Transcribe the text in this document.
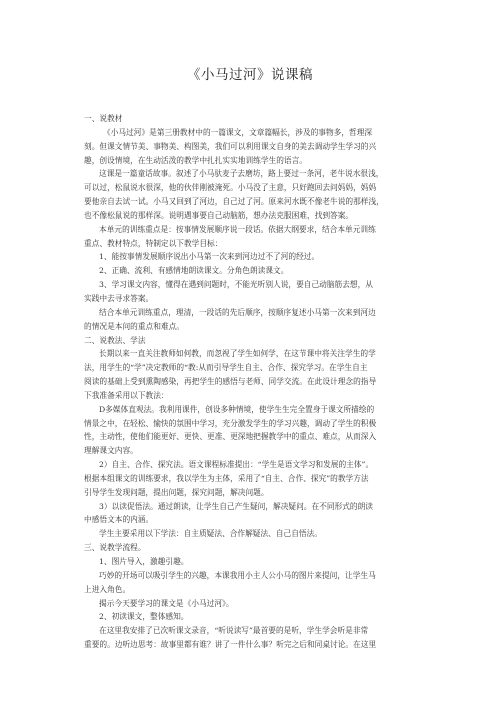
《小马过河》说课稿
一、说教材
《小马过河》是第三册教材中的一篇课文，文章篇幅长，涉及的事物多，哲理深
刻。但课文情节美、事物美、构图美，我们可以利用课文自身的美去调动学生学习的兴
趣，创设情境，在生动活泼的教学中扎扎实实地训练学生的语言。
这课是一篇童话故事。叙述了小马驮麦子去磨坊，路上要过一条河，老牛说水很浅，
可以过，松鼠说水很深，他的伙伴刚被淹死。小马没了主意，只好跑回去问妈妈，妈妈
要他亲自去试一试。小马又回到了河边，自己过了河。原来河水既不像老牛说的那样浅，
也不像松鼠说的那样深。说明遇事要自己动脑筋，想办法克服困难，找到答案。
本单元的训练重点是：按事情发展顺序说一段话。依据大纲要求，结合本单元训练
重点、教材特点，特制定以下教学目标：
1、能按事情发展顺序说出小马第一次来到河边过不了河的经过。
2、正确、流利、有感情地朗读课文。分角色朗读课文。
3、学习课文内容，懂得在遇到问题时，不能光听别人说，要自己动脑筋去想，从
实践中去寻求答案。
结合本单元训练重点，理清，一段话的先后顺序，按顺序复述小马第一次来到河边
的情况是本问的重点和难点。
二、说教法、学法
长期以来一直关注教师如何教，而忽视了学生如何学，在这节课中将关注学生的学
法，用学生的“学”决定教师的“教:从而引导学生自主、合作、探究学习。在学生自主
阅读的基础上受到熏陶感染，再把学生的感悟与老师、同学交流。在此设计理念的指导
下我准备采用以下教法：
D多媒体直观法。我利用课件，创设多种情境，使学生生完全置身于课文所描绘的
情景之中，在轻松、愉快的氛围中学习，充分激发学生的学习兴趣，调动了学生的积极
性，主动性，使他们能更好、更快、更准、更深地把握教学中的重点、难点，从而深入
理解课文内容。
2）自主、合作、探究法。语文课程标准提出：“学生是语文学习和发展的主体”。
根据本组课文的训练要求，我以学生为主体，采用了“自主、合作、探究”的教学方法
引导学生发现问题，提出问题，探究问题，解决问题。
3）以读促悟法。通过朗读，让学生自己产生疑问，解决疑问。在不同形式的朗读
中感悟文本的内涵。
学生主要采用以下学法：自主质疑法、合作解疑法、自己自悟法。
三、说教学流程。
1、图片导入，激趣引趣。
巧妙的开场可以吸引学生的兴趣，本课我用小主人公小马的图片来提问，让学生马
上进入角色。
揭示今天要学习的课文是《小马过河》。
2、初读课文，整体感知。
在这里我安排了已次听课文录音，“听说读写”最首要的是听，学生学会听是非常
重要的。边听边思考：故事里都有谁？讲了一件什么事？听完之后和同桌讨论。在这里
